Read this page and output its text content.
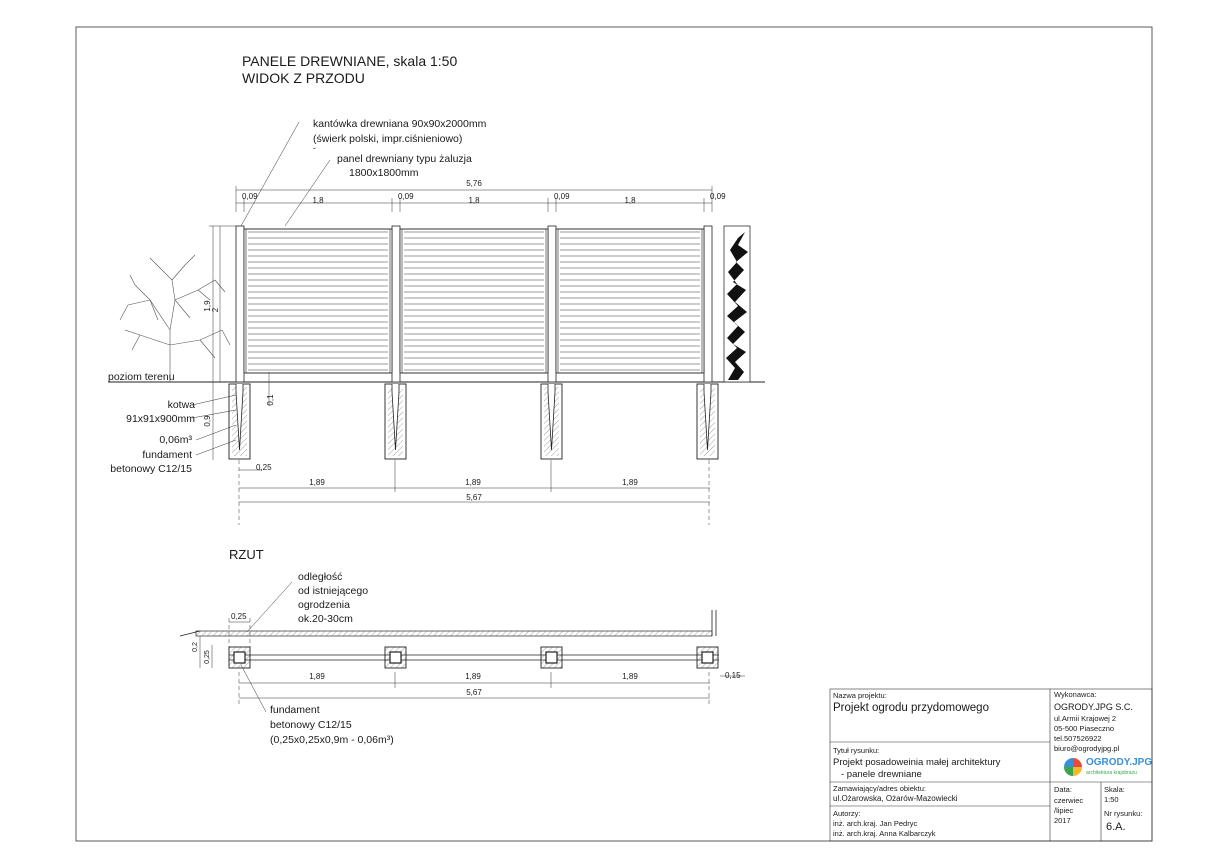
PANELE DREWNIANE, skala 1:50
WIDOK Z PRZODU
kantówka drewniana 90x90x2000mm
(świerk polski, impr.ciśnieniowo)
ˇ
panel drewniany typu żaluzja
1800x1800mm
poziom terenu
kotwa
91x91x900mm
0,06m³
fundament
betonowy C12/15
5,76
0,09	1,8	0,09	1,8	0,09	1,8	0,09
1,9 2
0,1
0,9
0,25
1,89	1,89	1,89
5,67
RZUT
odległość
od istniejącego
ogrodzenia
ok.20-30cm
0,25
0,2
0,25
1,89	1,89	1,89
5,67
0,15
fundament
betonowy C12/15
(0,25x0,25x0,9m - 0,06m³)
Nazwa projektu:
Projekt ogrodu przydomowego
Tytuł rysunku:
Projekt posadoweinia małej architektury
- panele drewniane
Zamawiający/adres obiektu:
ul.Ożarowska, Ożarów-Mazowiecki
Autorzy:
inż. arch.kraj. Jan Pedryc
inż. arch.kraj. Anna Kalbarczyk
Wykonawca:
OGRODY.JPG S.C.
ul.Armii Krajowej 2
05-500 Piaseczno
tel.507526922
biuro@ogrodyjpg.pl
Data:
czerwiec
/lipiec
2017
Skala:
1:50
Nr rysunku:
6.A.
OGRODY.JPG
architektura krajobrazu
